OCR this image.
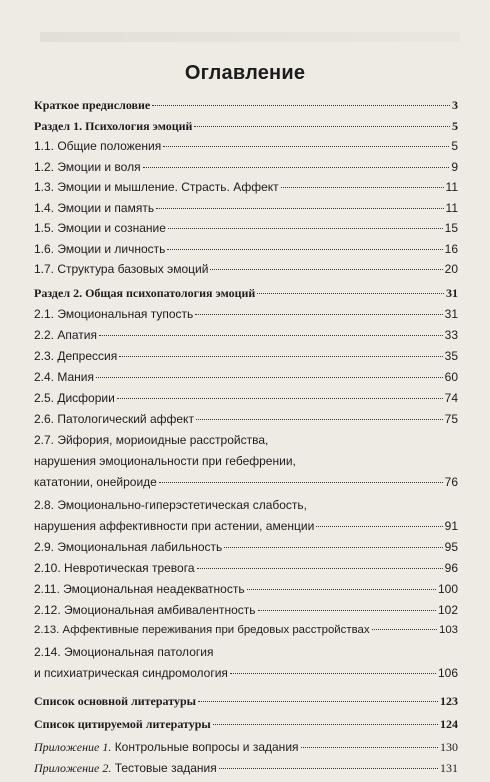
Оглавление
Краткое предисловие	3
Раздел 1. Психология эмоций	5
1.1. Общие положения	5
1.2. Эмоции и воля	9
1.3. Эмоции и мышление. Страсть. Аффект	11
1.4. Эмоции и память	11
1.5. Эмоции и сознание	15
1.6. Эмоции и личность	16
1.7. Структура базовых эмоций	20
Раздел 2. Общая психопатология эмоций	31
2.1. Эмоциональная тупость	31
2.2. Апатия	33
2.3. Депрессия	35
2.4. Мания	60
2.5. Дисфории	74
2.6. Патологический аффект	75
2.7. Эйфория, мориоидные расстройства,
нарушения эмоциональности при гебефрении,
кататонии, онейроиде	76
2.8. Эмоционально-гиперэстетическая слабость,
нарушения аффективности при астении, аменции	91
2.9. Эмоциональная лабильность	95
2.10. Невротическая тревога	96
2.11. Эмоциональная неадекватность	100
2.12. Эмоциональная амбивалентность	102
2.13. Аффективные переживания при бредовых расстройствах	103
2.14. Эмоциональная патология
и психиатрическая синдромология	106
Список основной литературы	123
Список цитируемой литературы	124
Приложение 1. Контрольные вопросы и задания	130
Приложение 2. Тестовые задания	131
